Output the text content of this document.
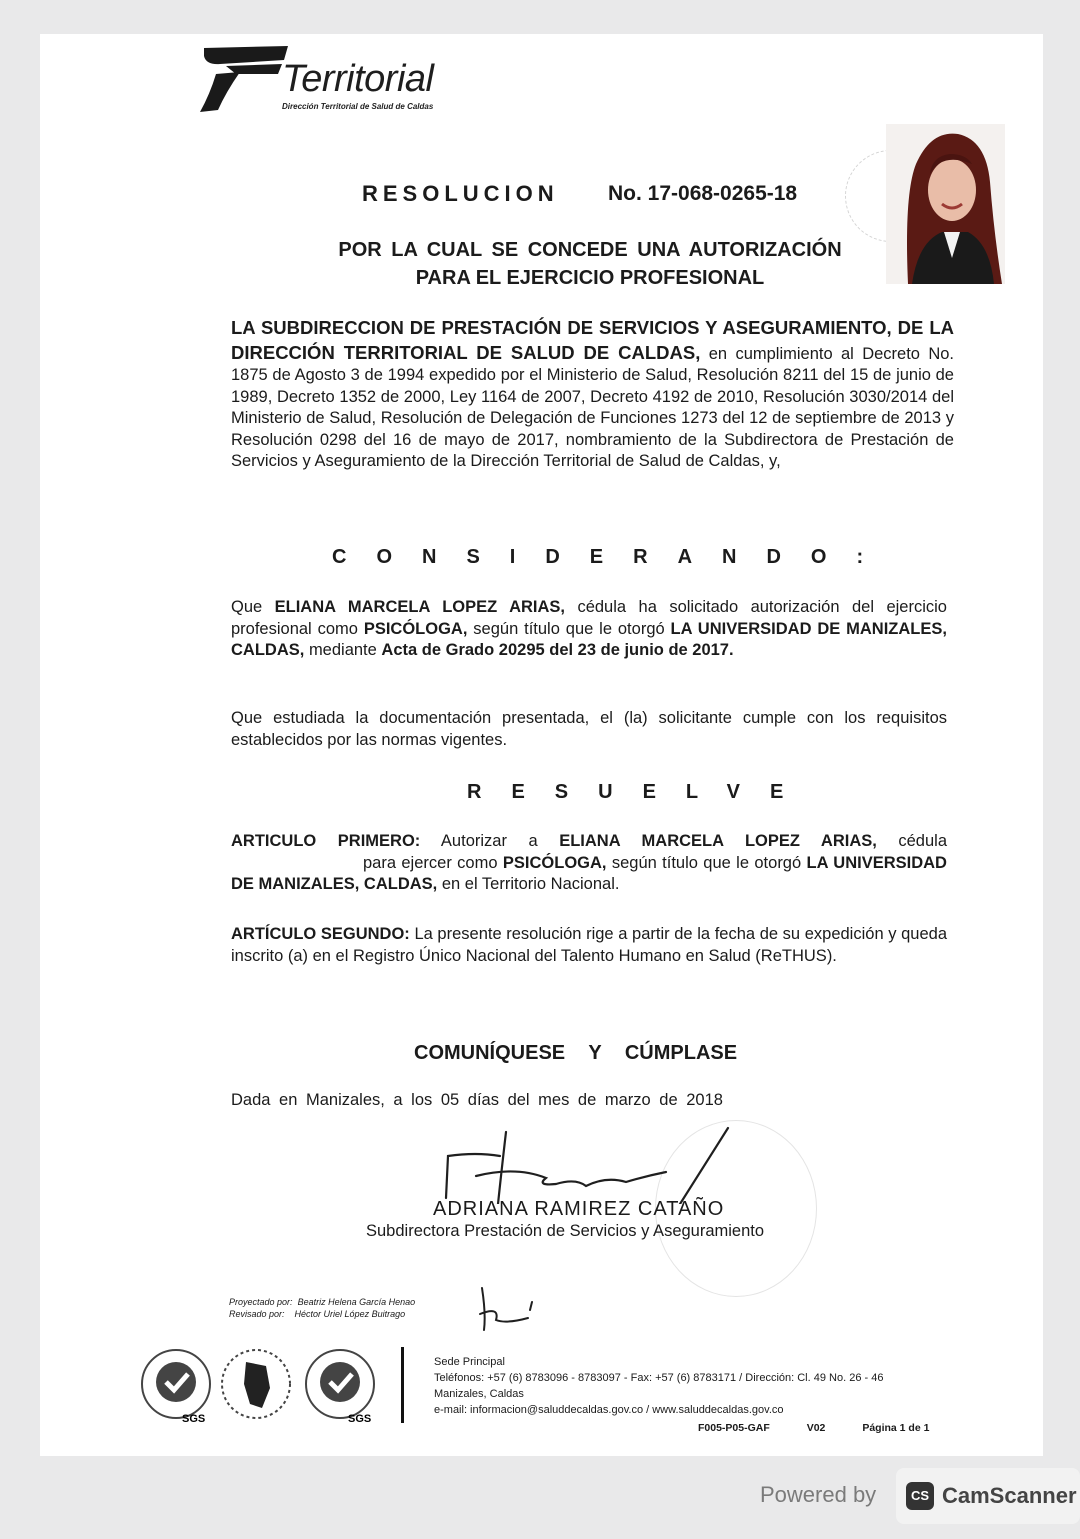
Territorial
Dirección Territorial de Salud de Caldas
RESOLUCION No. 17-068-0265-18
POR LA CUAL SE CONCEDE UNA AUTORIZACIÓN
PARA EL EJERCICIO PROFESIONAL
LA SUBDIRECCION DE PRESTACIÓN DE SERVICIOS Y ASEGURAMIENTO, DE LA DIRECCIÓN TERRITORIAL DE SALUD DE CALDAS, en cumplimiento al Decreto No. 1875 de Agosto 3 de 1994 expedido por el Ministerio de Salud, Resolución 8211 del 15 de junio de 1989, Decreto 1352 de 2000, Ley 1164 de 2007, Decreto 4192 de 2010, Resolución 3030/2014 del Ministerio de Salud, Resolución de Delegación de Funciones 1273 del 12 de septiembre de 2013 y Resolución 0298 del 16 de mayo de 2017, nombramiento de la Subdirectora de Prestación de Servicios y Aseguramiento de la Dirección Territorial de Salud de Caldas, y,
CONSIDERANDO:
Que ELIANA MARCELA LOPEZ ARIAS, cédula ha solicitado autorización del ejercicio profesional como PSICÓLOGA, según título que le otorgó LA UNIVERSIDAD DE MANIZALES, CALDAS, mediante Acta de Grado 20295 del 23 de junio de 2017.
Que estudiada la documentación presentada, el (la) solicitante cumple con los requisitos establecidos por las normas vigentes.
RESUELVE
ARTICULO PRIMERO: Autorizar a ELIANA MARCELA LOPEZ ARIAS, cédula para ejercer como PSICÓLOGA, según título que le otorgó LA UNIVERSIDAD DE MANIZALES, CALDAS, en el Territorio Nacional.
ARTÍCULO SEGUNDO: La presente resolución rige a partir de la fecha de su expedición y queda inscrito (a) en el Registro Único Nacional del Talento Humano en Salud (ReTHUS).
COMUNÍQUESE Y CÚMPLASE
Dada en Manizales, a los 05 días del mes de marzo de 2018
ADRIANA RAMIREZ CATAÑO
Subdirectora Prestación de Servicios y Aseguramiento
Proyectado por: Beatriz Helena García Henao
Revisado por: Héctor Uriel López Buitrago
SGS	SGS
Sede Principal
Teléfonos: +57 (6) 8783096 - 8783097 - Fax: +57 (6) 8783171 / Dirección: Cl. 49 No. 26 - 46
Manizales, Caldas
e-mail: informacion@saluddecaldas.gov.co / www.saluddecaldas.gov.co
F005-P05-GAF	V02	Página 1 de 1
Powered by	CS CamScanner
